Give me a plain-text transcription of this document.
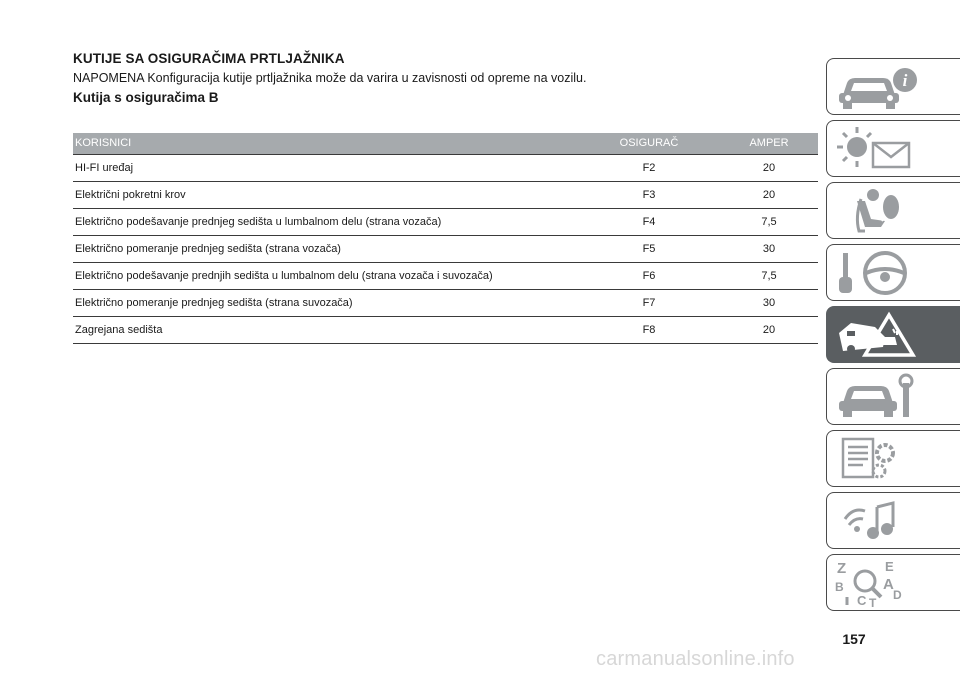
KUTIJE SA OSIGURAČIMA PRTLJAŽNIKA
NAPOMENA Konfiguracija kutije prtljažnika može da varira u zavisnosti od opreme na vozilu.
Kutija s osiguračima B
KORISNICI	OSIGURAČ	AMPER
HI-FI uređaj	F2	20
Električni pokretni krov	F3	20
Električno podešavanje prednjeg sedišta u lumbalnom delu (strana vozača)	F4	7,5
Električno pomeranje prednjeg sedišta (strana vozača)	F5	30
Električno podešavanje prednjih sedišta u lumbalnom delu (strana vozača i suvozača)	F6	7,5
Električno pomeranje prednjeg sedišta (strana suvozača)	F7	30
Zagrejana sedišta	F8	20
i
Z	E
B	A
C D
T
157
carmanualsonline.info
